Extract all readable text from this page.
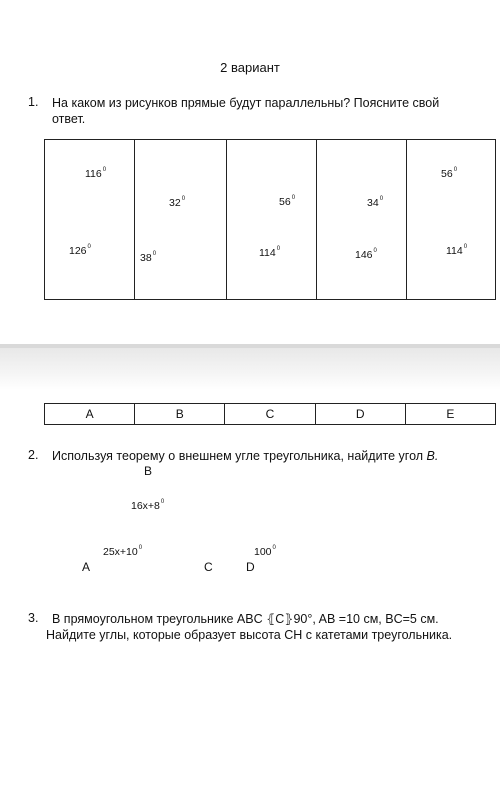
2 вариант
1. На каком из рисунков прямые будут параллельны? Поясните свой
ответ.
$116^0$
$126^0$
$32^0$
$38^0$
$56^0$
$114^0$
$34^0$
$146^0$
$56^0$
$114^0$
A	B	C	D	E
2. Используя теорему о внешнем угле треугольника, найдите угол B.
B
$16x+8^0$
$25x+10^0$	$100^0$
A	C	D
3. В прямоугольном треугольнике ABC ⦃C⦄90°, AB =10 см, BC=5 см.
Найдите углы, которые образует высота CH с катетами треугольника.
